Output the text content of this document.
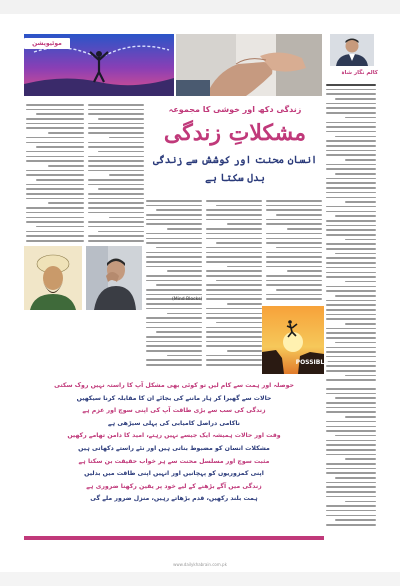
موٹیویشن
کالم نگار شاہ
زندگی دکھ اور خوشی کا مجموعہ
مشکلاتِ زندگی
انسان محنت اور کوشش سے زندگی بدل سکتا ہے
(Mind Blocks)
POSSIBLE
حوصلہ اور ہمت سے کام لیں تو کوئی بھی مشکل آپ کا راستہ نہیں روک سکتی
حالات سے گھبرا کر ہار ماننے کی بجائے ان کا مقابلہ کرنا سیکھیں
زندگی کی سب سے بڑی طاقت آپ کی اپنی سوچ اور عزم ہے
ناکامی دراصل کامیابی کی پہلی سیڑھی ہے
وقت اور حالات ہمیشہ ایک جیسے نہیں رہتے، امید کا دامن تھامے رکھیں
مشکلات انسان کو مضبوط بناتی ہیں اور نئے راستے دکھاتی ہیں
مثبت سوچ اور مسلسل محنت سے ہر خواب حقیقت بن سکتا ہے
اپنی کمزوریوں کو پہچانیں اور انہیں اپنی طاقت میں بدلیں
زندگی میں آگے بڑھنے کے لیے خود پر یقین رکھنا ضروری ہے
ہمت بلند رکھیں، قدم بڑھاتے رہیں، منزل ضرور ملے گی
www.dailykhabrain.com.pk
